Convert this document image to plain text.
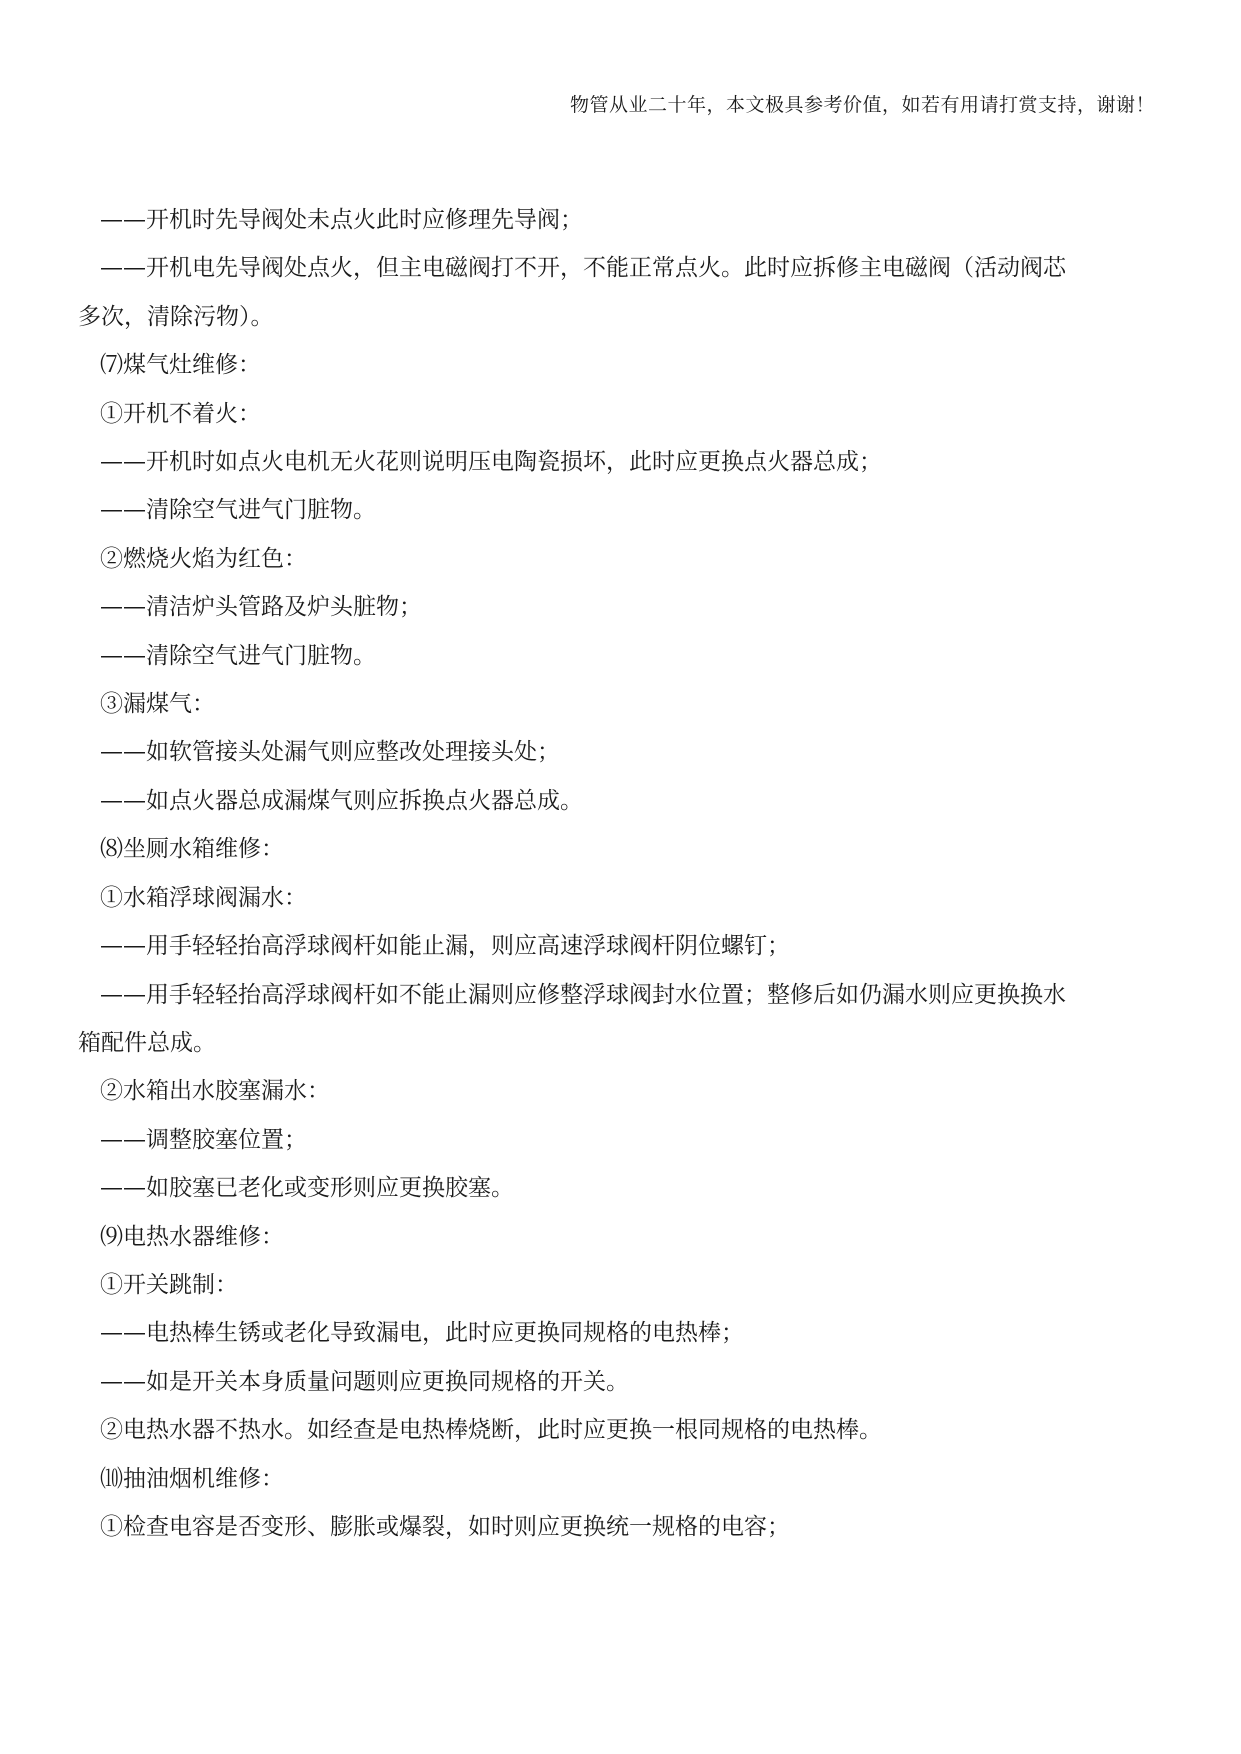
物管从业二十年，本文极具参考价值，如若有用请打赏支持，谢谢！

——开机时先导阀处未点火此时应修理先导阀；

——开机电先导阀处点火，但主电磁阀打不开，不能正常点火。此时应拆修主电磁阀（活动阀芯
多次，清除污物）。

⑺煤气灶维修：

①开机不着火：

——开机时如点火电机无火花则说明压电陶瓷损坏，此时应更换点火器总成；

——清除空气进气门脏物。

②燃烧火焰为红色：

——清洁炉头管路及炉头脏物；

——清除空气进气门脏物。

③漏煤气：

——如软管接头处漏气则应整改处理接头处；

——如点火器总成漏煤气则应拆换点火器总成。

⑻坐厕水箱维修：

①水箱浮球阀漏水：

——用手轻轻抬高浮球阀杆如能止漏，则应高速浮球阀杆阴位螺钉；

——用手轻轻抬高浮球阀杆如不能止漏则应修整浮球阀封水位置；整修后如仍漏水则应更换换水
箱配件总成。

②水箱出水胶塞漏水：

——调整胶塞位置；

——如胶塞已老化或变形则应更换胶塞。

⑼电热水器维修：

①开关跳制：

——电热棒生锈或老化导致漏电，此时应更换同规格的电热棒；

——如是开关本身质量问题则应更换同规格的开关。

②电热水器不热水。如经查是电热棒烧断，此时应更换一根同规格的电热棒。

⑽抽油烟机维修：

①检查电容是否变形、膨胀或爆裂，如时则应更换统一规格的电容；
